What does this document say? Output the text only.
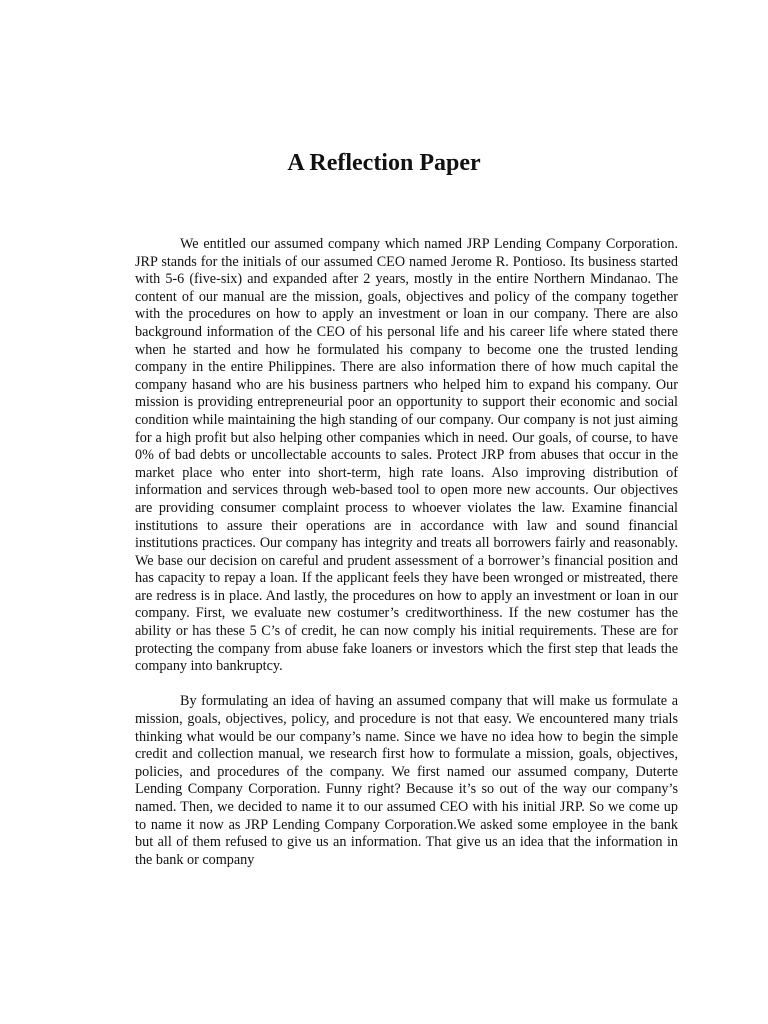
A Reflection Paper

We entitled our assumed company which named JRP Lending Company Corporation. JRP stands for the initials of our assumed CEO named Jerome R. Pontioso. Its business started with 5-6 (five-six) and expanded after 2 years, mostly in the entire Northern Mindanao. The content of our manual are the mission, goals, objectives and policy of the company together with the procedures on how to apply an investment or loan in our company. There are also background information of the CEO of his personal life and his career life where stated there when he started and how he formulated his company to become one the trusted lending company in the entire Philippines. There are also information there of how much capital the company hasand who are his business partners who helped him to expand his company. Our mission is providing entrepreneurial poor an opportunity to support their economic and social condition while maintaining the high standing of our company. Our company is not just aiming for a high profit but also helping other companies which in need. Our goals, of course, to have 0% of bad debts or uncollectable accounts to sales. Protect JRP from abuses that occur in the market place who enter into short-term, high rate loans. Also improving distribution of information and services through web-based tool to open more new accounts. Our objectives are providing consumer complaint process to whoever violates the law. Examine financial institutions to assure their operations are in accordance with law and sound financial institutions practices. Our company has integrity and treats all borrowers fairly and reasonably. We base our decision on careful and prudent assessment of a borrower’s financial position and has capacity to repay a loan. If the applicant feels they have been wronged or mistreated, there are redress is in place. And lastly, the procedures on how to apply an investment or loan in our company. First, we evaluate new costumer’s creditworthiness. If the new costumer has the ability or has these 5 C’s of credit, he can now comply his initial requirements. These are for protecting the company from abuse fake loaners or investors which the first step that leads the company into bankruptcy.

By formulating an idea of having an assumed company that will make us formulate a mission, goals, objectives, policy, and procedure is not that easy. We encountered many trials thinking what would be our company’s name. Since we have no idea how to begin the simple credit and collection manual, we research first how to formulate a mission, goals, objectives, policies, and procedures of the company. We first named our assumed company, Duterte Lending Company Corporation. Funny right? Because it’s so out of the way our company’s named. Then, we decided to name it to our assumed CEO with his initial JRP. So we come up to name it now as JRP Lending Company Corporation.We asked some employee in the bank but all of them refused to give us an information. That give us an idea that the information in the bank or company
